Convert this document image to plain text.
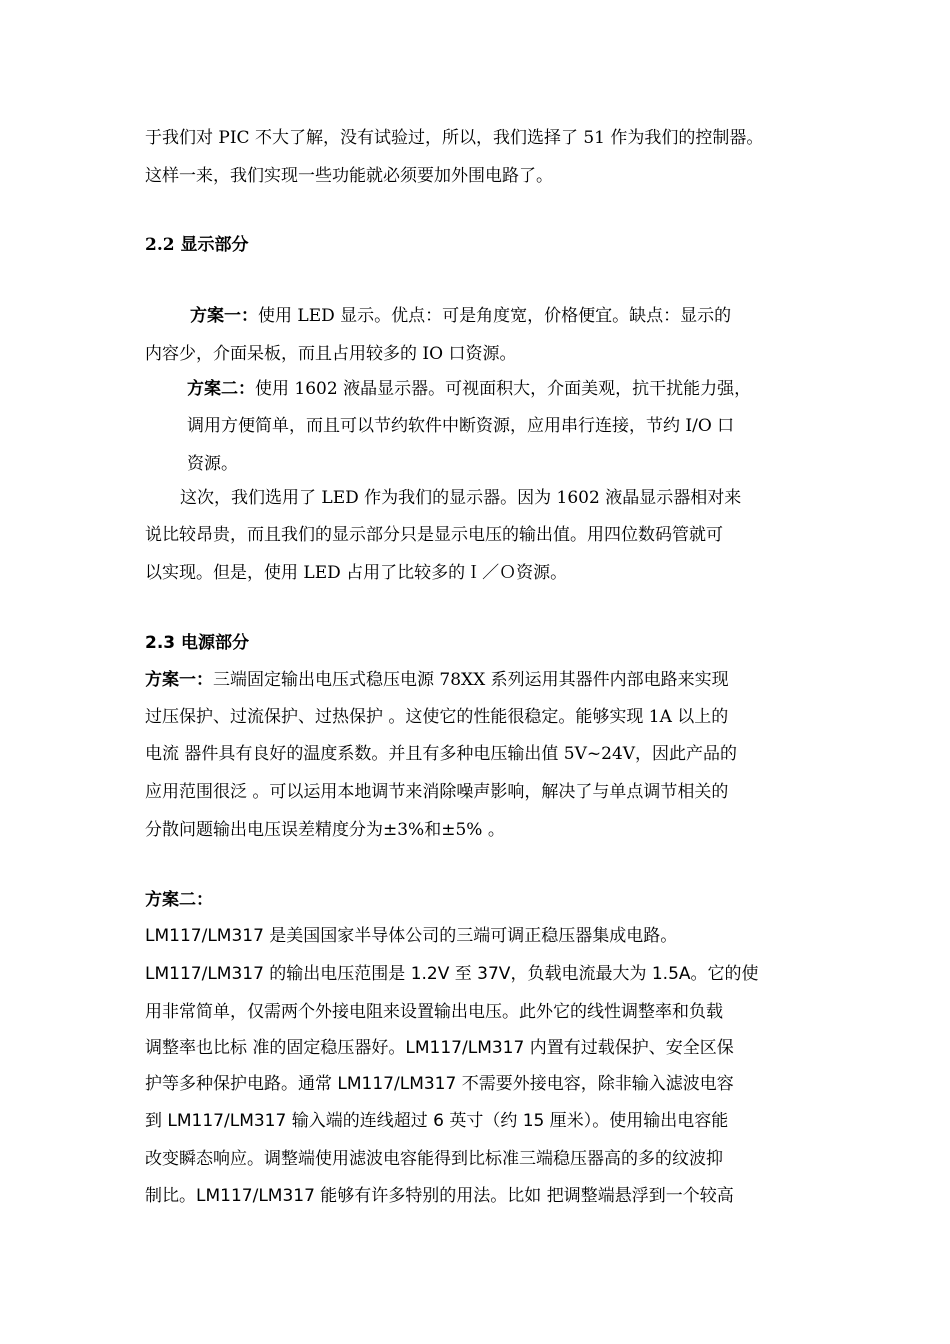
于我们对 PIC 不大了解，没有试验过，所以，我们选择了 51 作为我们的控制器。

这样一来，我们实现一些功能就必须要加外围电路了。

2.2 显示部分

方案一：使用 LED 显示。优点：可是角度宽，价格便宜。缺点：显示的

内容少，介面呆板，而且占用较多的 IO 口资源。

方案二：使用 1602 液晶显示器。可视面积大，介面美观，抗干扰能力强，

调用方便简单，而且可以节约软件中断资源，应用串行连接，节约 I/O 口

资源。

这次，我们选用了 LED 作为我们的显示器。因为 1602 液晶显示器相对来

说比较昂贵，而且我们的显示部分只是显示电压的输出值。用四位数码管就可

以实现。但是，使用 LED 占用了比较多的Ｉ／Ｏ资源。

2.3 电源部分

方案一：三端固定输出电压式稳压电源 78XX 系列运用其器件内部电路来实现

过压保护、过流保护、过热保护 。这使它的性能很稳定。能够实现 1A 以上的

电流 器件具有良好的温度系数。并且有多种电压输出值 5V~24V，因此产品的

应用范围很泛 。可以运用本地调节来消除噪声影响，解决了与单点调节相关的

分散问题输出电压误差精度分为±3%和±5% 。

方案二：

LM117/LM317 是美国国家半导体公司的三端可调正稳压器集成电路。

LM117/LM317 的输出电压范围是 1.2V 至 37V，负载电流最大为 1.5A。它的使

用非常简单，仅需两个外接电阻来设置输出电压。此外它的线性调整率和负载

调整率也比标 准的固定稳压器好。LM117/LM317 内置有过载保护、安全区保

护等多种保护电路。通常 LM117/LM317 不需要外接电容，除非输入滤波电容

到 LM117/LM317 输入端的连线超过 6 英寸（约 15 厘米）。使用输出电容能

改变瞬态响应。调整端使用滤波电容能得到比标准三端稳压器高的多的纹波抑

制比。LM117/LM317 能够有许多特别的用法。比如 把调整端悬浮到一个较高
